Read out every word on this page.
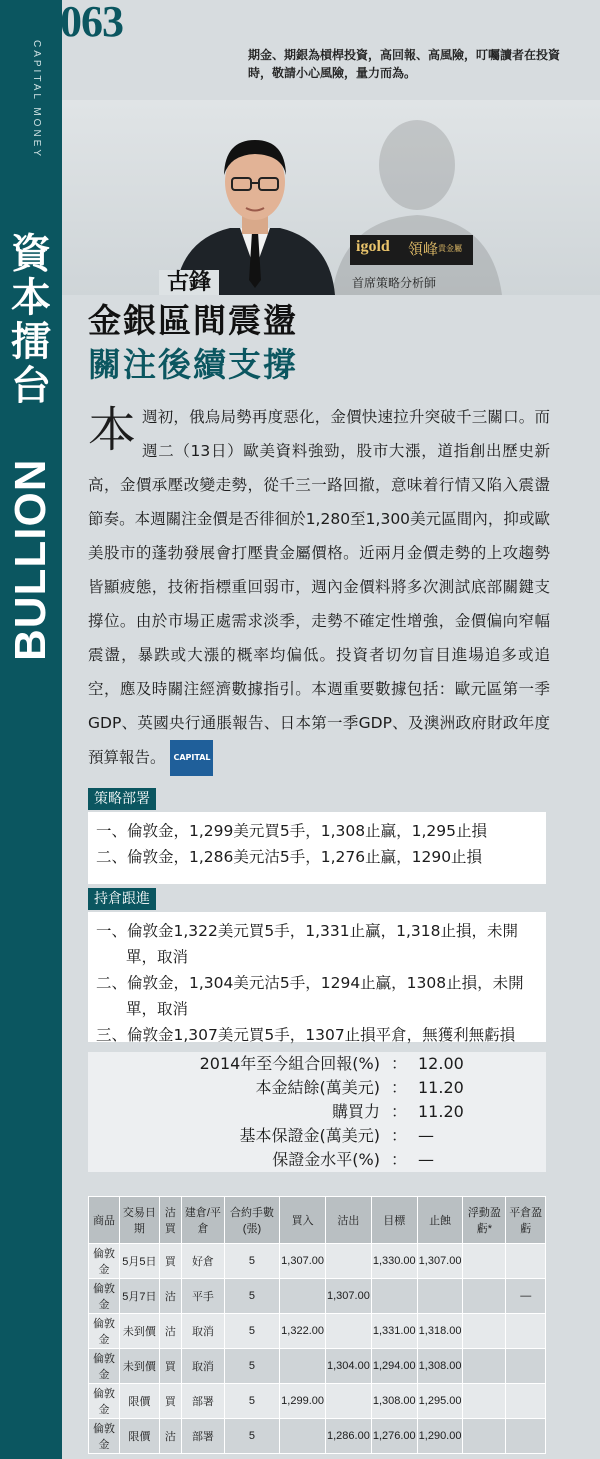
CAPITAL MONEY
資
本
擂
台
BULLION
063
期金、期銀為槓桿投資，高回報、高風險，叮囑讀者在投資時，敬請小心風險，量力而為。

古鋒
igold 領峰 貴金屬
首席策略分析師

金銀區間震盪
關注後續支撐
本週初，俄烏局勢再度惡化，金價快速拉升突破千三關口。而週二（13日）歐美資料強勁，股市大漲，道指創出歷史新高，金價承壓改變走勢，從千三一路回撤，意味着行情又陷入震盪節奏。本週關注金價是否徘徊於1,280至1,300美元區間內，抑或歐美股市的蓬勃發展會打壓貴金屬價格。近兩月金價走勢的上攻趨勢皆顯疲態，技術指標重回弱市，週內金價料將多次測試底部關鍵支撐位。由於市場正處需求淡季，走勢不確定性增強，金價偏向窄幅震盪，暴跌或大漲的概率均偏低。投資者切勿盲目進場追多或追空，應及時關注經濟數據指引。本週重要數據包括：歐元區第一季GDP、英國央行通脹報告、日本第一季GDP、及澳洲政府財政年度預算報告。 CAPITAL
策略部署
一、倫敦金，1,299美元買5手，1,308止贏，1,295止損
二、倫敦金，1,286美元沽5手，1,276止贏，1290止損
持倉跟進
一、倫敦金1,322美元買5手，1,331止贏，1,318止損，未開
單，取消
二、倫敦金，1,304美元沽5手，1294止贏，1308止損，未開
單，取消
三、倫敦金1,307美元買5手，1307止損平倉，無獲利無虧損
2014年至今組合回報(%) ： 12.00
本金結餘(萬美元) ： 11.20
購買力 ： 11.20
基本保證金(萬美元) ： —
保證金水平(%) ： —
商品	交易日期	沽買	建倉/平倉	合約手數(張)	買入	沽出	目標	止蝕	浮動盈虧*	平倉盈虧
倫敦金	5月5日	買	好倉	5	1,307.00		1,330.00	1,307.00		
倫敦金	5月7日	沽	平手	5		1,307.00				—
倫敦金	未到價	沽	取消	5	1,322.00		1,331.00	1,318.00		
倫敦金	未到價	買	取消	5		1,304.00	1,294.00	1,308.00		
倫敦金	限價	買	部署	5	1,299.00		1,308.00	1,295.00		
倫敦金	限價	沽	部署	5		1,286.00	1,276.00	1,290.00		
